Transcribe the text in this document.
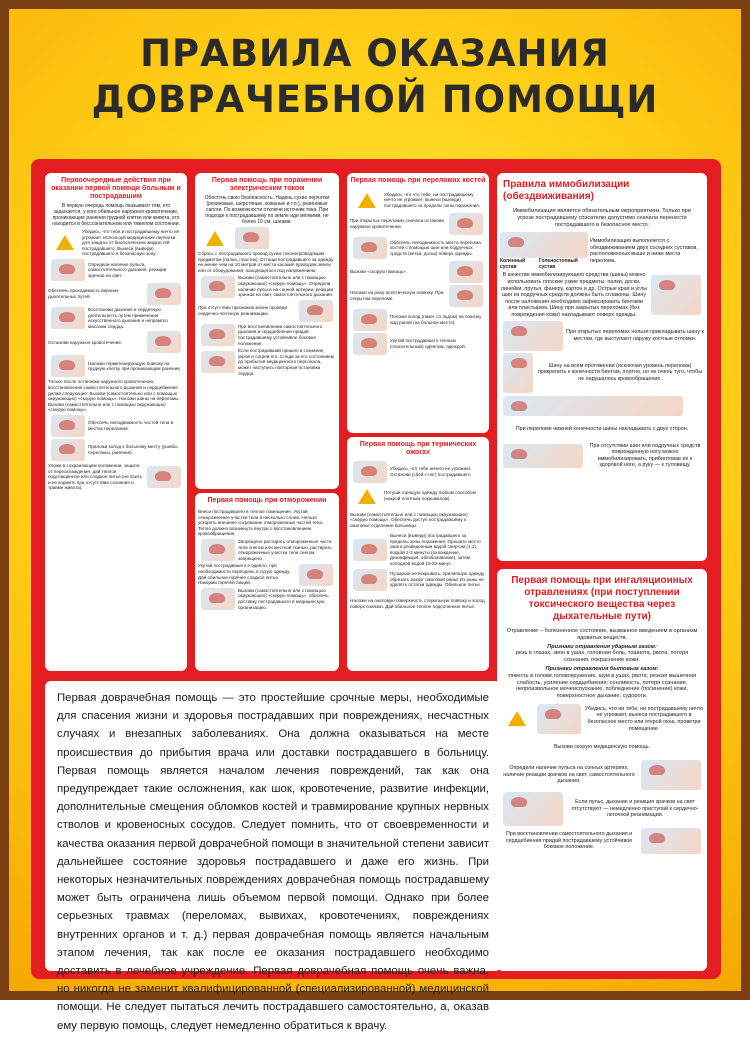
ПРАВИЛА ОКАЗАНИЯ
ДОВРАЧЕБНОЙ ПОМОЩИ
Первоочередные действия при оказании первой помощи больным и пострадавшим
В первую очередь помощь оказывают тем, кто задыхается, у кого обильное наружное кровотечение, проникающие ранения грудной клетки или живота, кто находится в бессознательном или тяжелом состоянии.
Убедись, что тебе и пострадавшему ничто не угрожает. Используй медицинские перчатки для защиты от биологических жидкостей пострадавшего. Вынеси (выведи) пострадавшего в безопасную зону.
Определи наличие пульса, самостоятельного дыхания, реакции зрачков на свет.
Обеспечь проходимость верхних дыхательных путей.
Восстанови дыхание и сердечную деятельность путем применения искусственного дыхания и непрямого массажа сердца.
Останови наружное кровотечение.
Наложи герметизирующую повязку на грудную клетку при проникающем ранении.
Только после остановки наружного кровотечения, восстановления самостоятельного дыхания и сердцебиения делай следующее: Вызови (самостоятельно или с помощью окружающих) «скорую помощь». Наложи шины на переломы. Вызови (самостоятельно или с помощью окружающих) «скорую помощь».
Обеспечь неподвижность частей тела в местах переломов.
Приложи холод к больному месту (ушибы, переломы, ранения).
Уложи в сохраняющем положении, защити от переохлаждения, дай теплое подслащенное или сладкое питье (не поить и не кормить при отсутствии сознания и травме живота).
Первая помощь при поражении электрическим током
Обесточь свою безопасность. Надень сухие перчатки (резиновые, шерстяные, кожаные и т.п.), резиновые сапоги. По возможности отключи источник тока. При подходе к пострадавшему по земле иди мелкими, не более 10 см, шагами.
Сбрось с пострадавшего провод сухим токонепроводящим предметом (палка, пластик). Оттащи пострадавшего за одежду не менее чем на 10 метров от места касания проводом земли или от оборудования, находящегося под напряжением.
Вызови (самостоятельно или с помощью окружающих) «скорую помощь». Определи наличие пульса на сонной артерии, реакции зрачков на свет, самостоятельного дыхания.
При отсутствии признаков жизни проведи сердечно-легочную реанимацию.
При восстановлении самостоятельного дыхания и сердцебиения придай пострадавшему устойчивое боковое положение.
Если пострадавший пришел в сознание, укрой и согрей его. Следи за его состоянием до прибытия медицинского персонала, может наступить повторная остановка сердца.
Первая помощь при отморожении
Внеси пострадавшего в теплое помещение. Укутай отмороженные участки тела в несколько слоев. Нельзя ускорять внешнее согревание отмороженных частей тела. Тепло должно возникнуть внутри с восстановлением кровообращения.
Запрещено растирать отмороженные части тела снегом или жесткой тканью, растирать отмороженные участки тела снегом запрещено.
Укутай пострадавшего в одеяло, при необходимости переодень в сухую одежду. Дай обильное горячее сладкое питье. Накорми горячей пищей.
Вызови (самостоятельно или с помощью окружающих) «скорую помощь», обеспечь доставку пострадавшего в медицинскую организацию.
Первая помощь при переломах костей
Убедись, что что тебе, ни пострадавшему ничто не угрожает, вынеси (выведи) пострадавшего за пределы зоны поражения.
При открытых переломах сначала останови наружное кровотечение.
Обеспечь неподвижность места перелома костей с помощью шин или подручных средств (ветка, доска) поверх одежды.
Вызови «скорую помощь».
Наложи на рану асептическую повязку. При открытом переломе.
Положи холод (пакет со льдом) на повязку над раной (на больное место).
Укутай пострадавшего теплым (спасательным) одеялом, одеждой.
Первая помощь при термических ожогах
Убедись, что тебе ничего не угрожает. Останови (сбей с ног) пострадавшего.
Потуши горящую одежду любым способом (накрой плотным покрывалом).
Вызови (самостоятельно или с помощью окружающих) «скорую помощь». Обеспечь доступ пострадавшему к ожоговое отделение больницы.
Вынеси (выведи) пострадавшего за пределы зоны поражения. Орошать место ожога разведенным водой спиртом (1:1), водкой 2-3 минуты (охлаждение, дезинфекция, обезболивание), затем холодной водой 15-20 минут.
Пузырьки не вскрывать, прилипшую одежду обрезать вокруг ожоговой раны! Из раны не удалять остатки одежды. Обильное питье.
Наложи на ожоговую поверхность стерильную повязку и холод поверх повязки. Дай обильное теплое подсоленное питье.
Правила иммобилизации (обездвиживания)
Иммобилизация является обязательным мероприятием. Только при угрозе пострадавшему спасателю допустимо сначала перенести пострадавшего в безопасное место.
Коленный сустав
Голеностопный сустав
Иммобилизация выполняется с обездвиживанием двух соседних суставов, расположенных выше и ниже места перелома.
В качестве иммобилизирующего средства (шины) можно использовать плоские узкие предметы: палки, доски, линейки, прутья, фанеру, картон и др. Острые края и углы шин из подручных средств должны быть сглажены. Шину после наложения необходимо зафиксировать бинтами или пластырем. Шину при закрытых переломах (без повреждения кожи) накладывают поверх одежды.
При открытых переломах нельзя прикладывать шину к местам, где выступают наружу костные отломки.
Шину на всем протяжении (исключая уровень перелома) прикрепить к конечности бинтом, плотно, но не очень туго, чтобы не нарушалось кровообращение.
При переломе нижней конечности шины накладывать с двух сторон.
При отсутствии шин или подручных средств поврежденную ногу можно иммобилизировать, прибинтовав ее к здоровой ноге, а руку — к туловищу.
Первая помощь при ингаляционных отравлениях (при поступлении токсического вещества через дыхательные пути)
Отравление – болезненное состояние, вызванное введением в организм ядовитых веществ.
Признаки отравления ударным газом:
резь в глазах, звон в ушах, головная боль, тошнота, рвота, потеря сознания, покраснение кожи.
Признаки отравления бытовым газом:
тяжесть в голове,головокружение, шум в ушах, рвота; резкая мышечная слабость, усиление сердцебиения; сонливость, потеря сознания, непроизвольное мочеиспускание, побледнение (посинение) кожи, поверхностное дыхание, судороги.
Убедись, что ни тебе, ни пострадавшему ничто не угрожает, вынеси пострадавшего в безопасное место или открой окна, проветри помещение.
Вызови скорую медицинскую помощь.
Определи наличие пульса на сонных артериях, наличие реакции зрачков на свет, самостоятельного дыхания.
Если пульс, дыхание и реакция зрачков на свет отсутствуют — немедленно приступай к сердечно-легочной реанимации.
При восстановлении самостоятельного дыхания и сердцебиения придай пострадавшему устойчивое боковое положение.
Первая доврачебная помощь — это простейшие срочные меры, необходимые для спасения жизни и здоровья пострадавших при повреждениях, несчастных случаях и внезапных заболеваниях. Она должна оказываться на месте происшествия до прибытия врача или доставки пострадавшего в больницу. Первая помощь является началом лечения повреждений, так как она предупреждает такие осложнения, как шок, кровотечение, развитие инфекции, дополнительные смещения обломков костей и травмирование крупных нервных стволов и кровеносных сосудов. Следует помнить, что от своевременности и качества оказания первой доврачебной помощи в значительной степени зависит дальнейшее состояние здоровья пострадавшего и даже его жизнь. При некоторых незначительных повреждениях доврачебная помощь пострадавшему может быть ограничена лишь объемом первой помощи. Однако при более серьезных травмах (переломах, вывихах, кровотечениях, повреждениях внутренних органов и т. д.) первая доврачебная помощь является начальным этапом лечения, так как после ее оказания пострадавшего необходимо доставить в лечебное учреждение. Первая доврачебная помощь очень важна, но никогда не заменит квалифицированной (специализированной) медицинской помощи. Не следует пытаться лечить пострадавшего самостоятельно, а, оказав ему первую помощь, следует немедленно обратиться к врачу.
